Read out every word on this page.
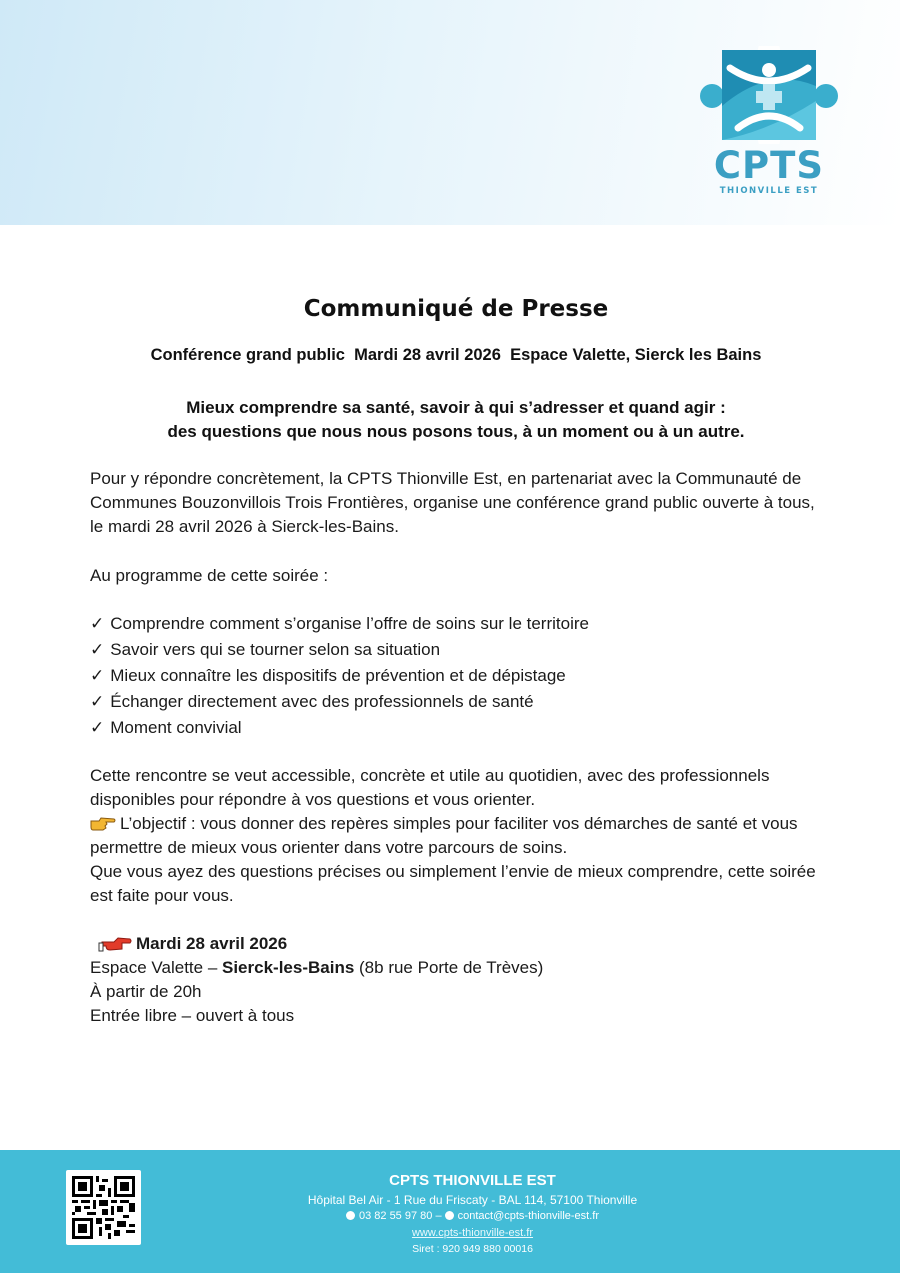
CPTS
THIONVILLE EST
Communiqué de Presse
Conférence grand public  Mardi 28 avril 2026  Espace Valette, Sierck les Bains
Mieux comprendre sa santé, savoir à qui s’adresser et quand agir :
des questions que nous nous posons tous, à un moment ou à un autre.
Pour y répondre concrètement, la CPTS Thionville Est, en partenariat avec la Communauté de Communes Bouzonvillois Trois Frontières, organise une conférence grand public ouverte à tous, le mardi 28 avril 2026 à Sierck-les-Bains.
Au programme de cette soirée :
✓ Comprendre comment s’organise l’offre de soins sur le territoire
✓ Savoir vers qui se tourner selon sa situation
✓ Mieux connaître les dispositifs de prévention et de dépistage
✓ Échanger directement avec des professionnels de santé
✓ Moment convivial
Cette rencontre se veut accessible, concrète et utile au quotidien, avec des professionnels disponibles pour répondre à vos questions et vous orienter.
L’objectif : vous donner des repères simples pour faciliter vos démarches de santé et vous permettre de mieux vous orienter dans votre parcours de soins.
Que vous ayez des questions précises ou simplement l’envie de mieux comprendre, cette soirée est faite pour vous.
Mardi 28 avril 2026
Espace Valette – Sierck-les-Bains (8b rue Porte de Trèves)
À partir de 20h
Entrée libre – ouvert à tous
CPTS THIONVILLE EST
Hôpital Bel Air - 1 Rue du Friscaty - BAL 114, 57100 Thionville
03 82 55 97 80 – contact@cpts-thionville-est.fr
www.cpts-thionville-est.fr
Siret : 920 949 880 00016
